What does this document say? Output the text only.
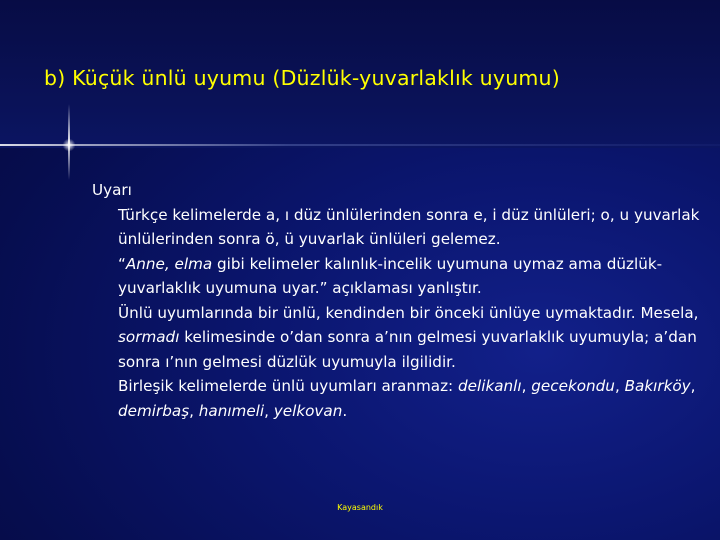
b) Küçük ünlü uyumu (Düzlük-yuvarlaklık uyumu)

Uyarı

Türkçe kelimelerde a, ı düz ünlülerinden sonra e, i düz ünlüleri; o, u yuvarlak ünlülerinden sonra ö, ü yuvarlak ünlüleri gelemez.

“Anne, elma gibi kelimeler kalınlık-incelik uyumuna uymaz ama düzlük-yuvarlaklık uyumuna uyar.” açıklaması yanlıştır.

Ünlü uyumlarında bir ünlü, kendinden bir önceki ünlüye uymaktadır. Mesela, sormadı kelimesinde o’dan sonra a’nın gelmesi yuvarlaklık uyumuyla; a’dan sonra ı’nın gelmesi düzlük uyumuyla ilgilidir.

Birleşik kelimelerde ünlü uyumları aranmaz: delikanlı, gecekondu, Bakırköy, demirbaş, hanımeli, yelkovan.

Kayasandık
